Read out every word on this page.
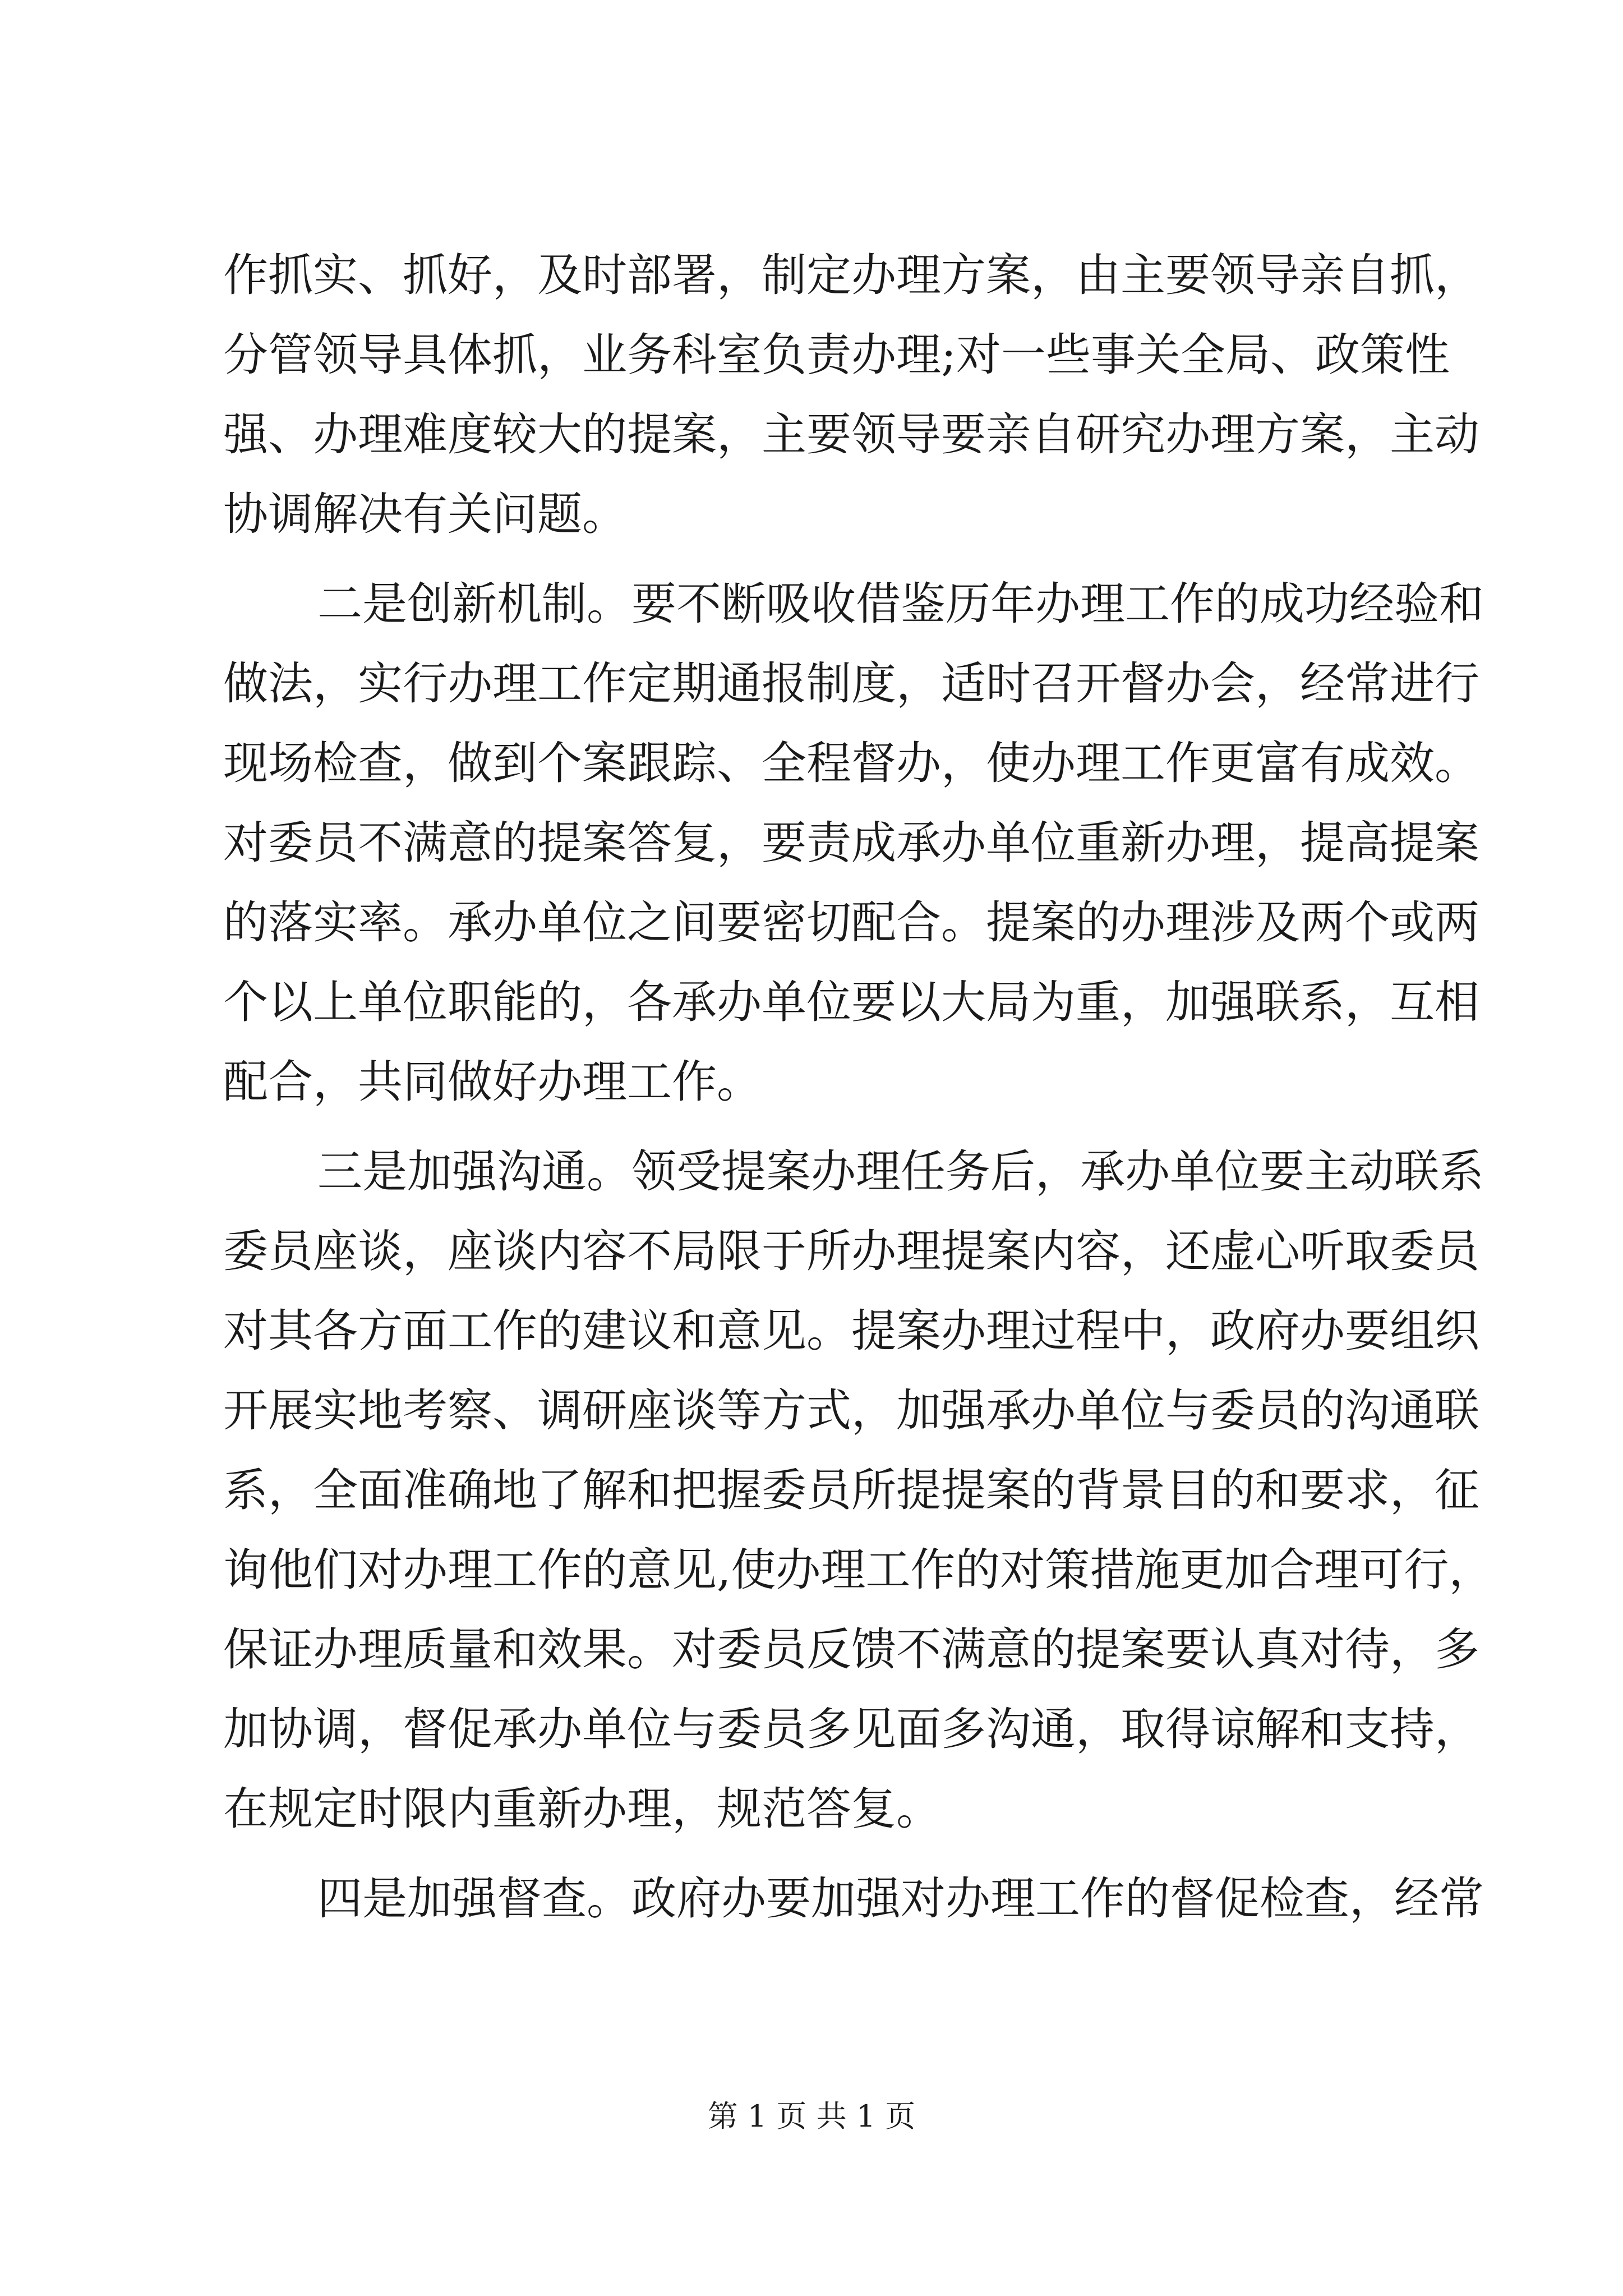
作抓实、抓好，及时部署，制定办理方案，由主要领导亲自抓，
分管领导具体抓，业务科室负责办理;对一些事关全局、政策性
强、办理难度较大的提案，主要领导要亲自研究办理方案，主动
协调解决有关问题。
二是创新机制。要不断吸收借鉴历年办理工作的成功经验和
做法，实行办理工作定期通报制度，适时召开督办会，经常进行
现场检查，做到个案跟踪、全程督办，使办理工作更富有成效。
对委员不满意的提案答复，要责成承办单位重新办理，提高提案
的落实率。承办单位之间要密切配合。提案的办理涉及两个或两
个以上单位职能的，各承办单位要以大局为重，加强联系，互相
配合，共同做好办理工作。
三是加强沟通。领受提案办理任务后，承办单位要主动联系
委员座谈，座谈内容不局限于所办理提案内容，还虚心听取委员
对其各方面工作的建议和意见。提案办理过程中，政府办要组织
开展实地考察、调研座谈等方式，加强承办单位与委员的沟通联
系，全面准确地了解和把握委员所提提案的背景目的和要求，征
询他们对办理工作的意见,使办理工作的对策措施更加合理可行，
保证办理质量和效果。对委员反馈不满意的提案要认真对待，多
加协调，督促承办单位与委员多见面多沟通，取得谅解和支持，
在规定时限内重新办理，规范答复。
四是加强督查。政府办要加强对办理工作的督促检查，经常
第 1 页 共 1 页
